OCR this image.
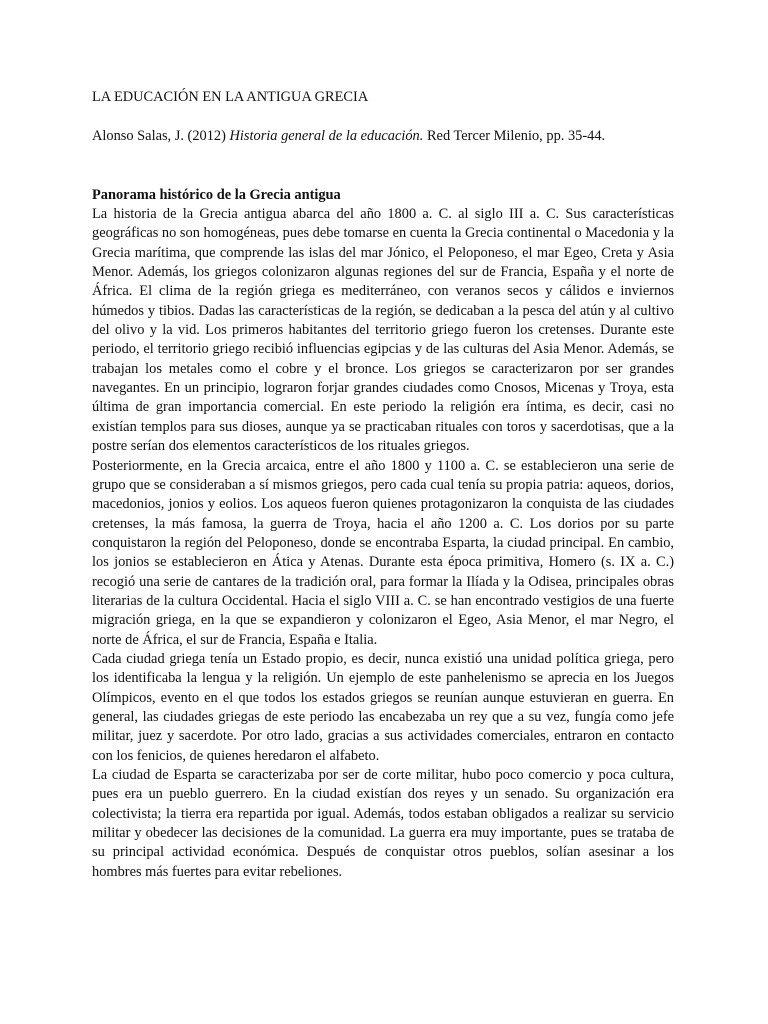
LA EDUCACIÓN EN LA ANTIGUA GRECIA

Alonso Salas, J. (2012) Historia general de la educación. Red Tercer Milenio, pp. 35-44.

Panorama histórico de la Grecia antigua

La historia de la Grecia antigua abarca del año 1800 a. C. al siglo III a. C. Sus características geográficas no son homogéneas, pues debe tomarse en cuenta la Grecia continental o Macedonia y la Grecia marítima, que comprende las islas del mar Jónico, el Peloponeso, el mar Egeo, Creta y Asia Menor. Además, los griegos colonizaron algunas regiones del sur de Francia, España y el norte de África. El clima de la región griega es mediterráneo, con veranos secos y cálidos e inviernos húmedos y tibios. Dadas las características de la región, se dedicaban a la pesca del atún y al cultivo del olivo y la vid. Los primeros habitantes del territorio griego fueron los cretenses. Durante este periodo, el territorio griego recibió influencias egipcias y de las culturas del Asia Menor. Además, se trabajan los metales como el cobre y el bronce. Los griegos se caracterizaron por ser grandes navegantes. En un principio, lograron forjar grandes ciudades como Cnosos, Micenas y Troya, esta última de gran importancia comercial. En este periodo la religión era íntima, es decir, casi no existían templos para sus dioses, aunque ya se practicaban rituales con toros y sacerdotisas, que a la postre serían dos elementos característicos de los rituales griegos.

Posteriormente, en la Grecia arcaica, entre el año 1800 y 1100 a. C. se establecieron una serie de grupo que se consideraban a sí mismos griegos, pero cada cual tenía su propia patria: aqueos, dorios, macedonios, jonios y eolios. Los aqueos fueron quienes protagonizaron la conquista de las ciudades cretenses, la más famosa, la guerra de Troya, hacia el año 1200 a. C. Los dorios por su parte conquistaron la región del Peloponeso, donde se encontraba Esparta, la ciudad principal. En cambio, los jonios se establecieron en Ática y Atenas. Durante esta época primitiva, Homero (s. IX a. C.) recogió una serie de cantares de la tradición oral, para formar la Ilíada y la Odisea, principales obras literarias de la cultura Occidental. Hacia el siglo VIII a. C. se han encontrado vestigios de una fuerte migración griega, en la que se expandieron y colonizaron el Egeo, Asia Menor, el mar Negro, el norte de África, el sur de Francia, España e Italia.

Cada ciudad griega tenía un Estado propio, es decir, nunca existió una unidad política griega, pero los identificaba la lengua y la religión. Un ejemplo de este panhelenismo se aprecia en los Juegos Olímpicos, evento en el que todos los estados griegos se reunían aunque estuvieran en guerra. En general, las ciudades griegas de este periodo las encabezaba un rey que a su vez, fungía como jefe militar, juez y sacerdote. Por otro lado, gracias a sus actividades comerciales, entraron en contacto con los fenicios, de quienes heredaron el alfabeto.

La ciudad de Esparta se caracterizaba por ser de corte militar, hubo poco comercio y poca cultura, pues era un pueblo guerrero. En la ciudad existían dos reyes y un senado. Su organización era colectivista; la tierra era repartida por igual. Además, todos estaban obligados a realizar su servicio militar y obedecer las decisiones de la comunidad. La guerra era muy importante, pues se trataba de su principal actividad económica. Después de conquistar otros pueblos, solían asesinar a los hombres más fuertes para evitar rebeliones.
